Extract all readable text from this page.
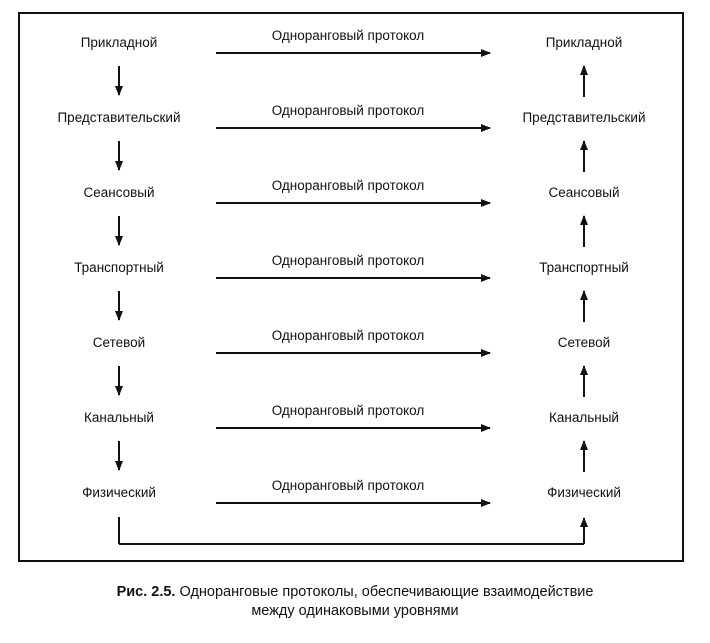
Прикладной	Прикладной
Одноранговый протокол
Представительский	Представительский
Одноранговый протокол
Сеансовый	Сеансовый
Одноранговый протокол
Транспортный	Транспортный
Одноранговый протокол
Сетевой	Сетевой
Одноранговый протокол
Канальный	Канальный
Одноранговый протокол
Физический	Физический
Одноранговый протокол
Рис. 2.5. Одноранговые протоколы, обеспечивающие взаимодействие
между одинаковыми уровнями
